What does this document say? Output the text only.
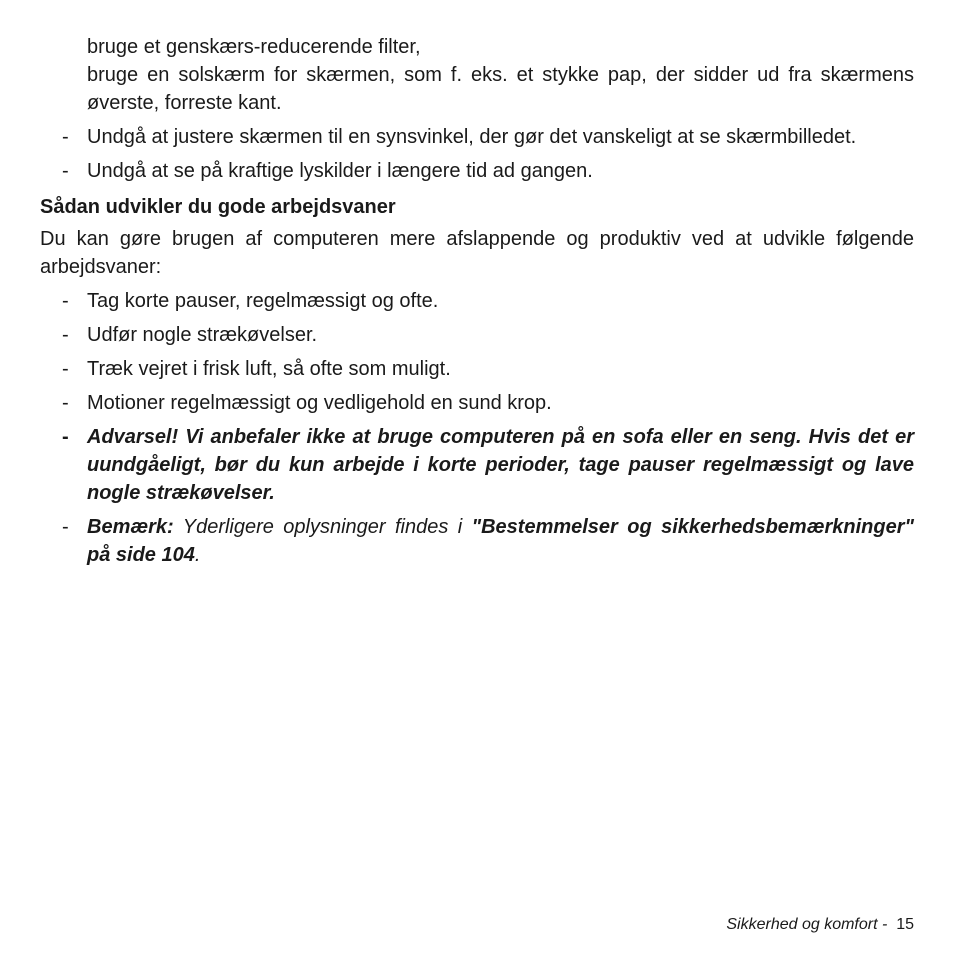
bruge et genskærs-reducerende filter,

bruge en solskærm for skærmen, som f. eks. et stykke pap, der sidder ud fra skærmens øverste, forreste kant.

- Undgå at justere skærmen til en synsvinkel, der gør det vanskeligt at se skærmbilledet.
- Undgå at se på kraftige lyskilder i længere tid ad gangen.
Sådan udvikler du gode arbejdsvaner
Du kan gøre brugen af computeren mere afslappende og produktiv ved at udvikle følgende arbejdsvaner:
- Tag korte pauser, regelmæssigt og ofte.
- Udfør nogle strækøvelser.
- Træk vejret i frisk luft, så ofte som muligt.
- Motioner regelmæssigt og vedligehold en sund krop.
- Advarsel! Vi anbefaler ikke at bruge computeren på en sofa eller en seng. Hvis det er uundgåeligt, bør du kun arbejde i korte perioder, tage pauser regelmæssigt og lave nogle strækøvelser.
- Bemærk: Yderligere oplysninger findes i "Bestemmelser og sikkerhedsbemærkninger" på side 104.
Sikkerhed og komfort -  15
